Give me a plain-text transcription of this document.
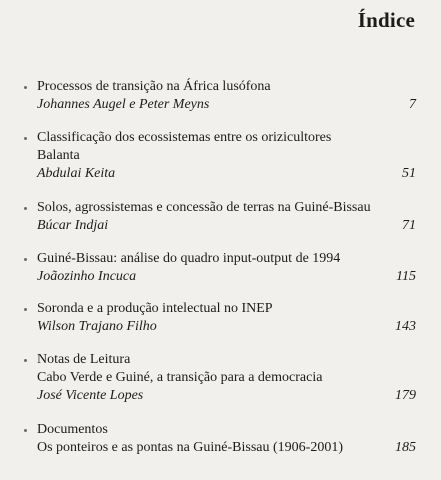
Índice
Processos de transição na África lusófona
Johannes Augel e Peter Meyns	7
Classificação dos ecossistemas entre os orizicultores
Balanta
Abdulai Keita	51
Solos, agrossistemas e concessão de terras na Guiné-Bissau
Búcar Indjai	71
Guiné-Bissau: análise do quadro input-output de 1994
Joãozinho Incuca	115
Soronda e a produção intelectual no INEP
Wilson Trajano Filho	143
Notas de Leitura
Cabo Verde e Guiné, a transição para a democracia
José Vicente Lopes	179
Documentos
Os ponteiros e as pontas na Guiné-Bissau (1906-2001)	185
